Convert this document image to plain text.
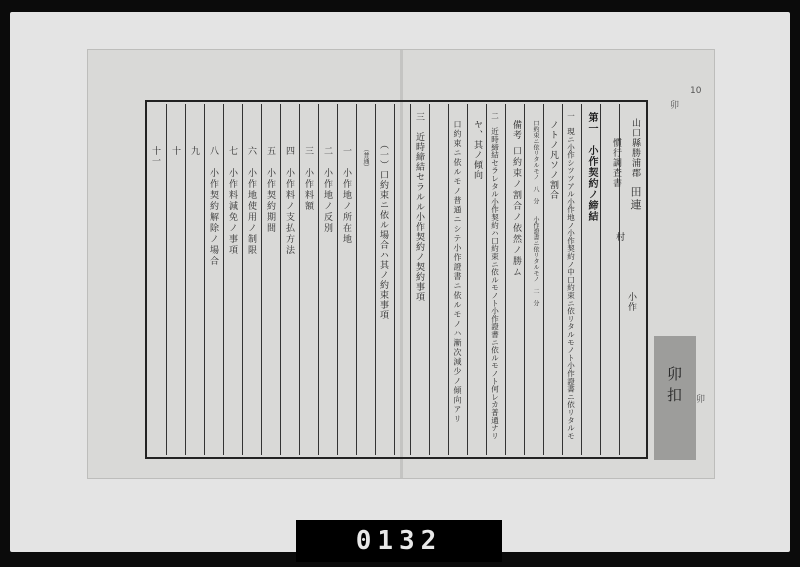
山口縣勝浦郡
田連
村
小作
慣行調査書
第一　小作契約ノ締結
一　現ニ小作シツツアル小作地ノ小作契約ノ中口約束ニ依リタルモノト小作證書ニ依リタルモ
ノトノ凡ソノ割合
口約束ニ依リタルモノ　八　分　　小作證書ニ依リタルモノ　二　分
備考
口約束ノ割合ノ依然ノ勝ム
二　近時締結セラレタル小作契約ハ口約束ニ依ルモノト小作證書ニ依ルモノト何レカ普通ナリ
ヤ、其ノ傾向
口約束ニ依ルモノ普通ニシテ小作證書ニ依ルモノハ漸次減少ノ傾向アリ
三　近時締結セラルル小作契約ノ契約事項
（一）口約束ニ依ル場合ハ其ノ約束事項
（普通）
一　小作地ノ所在地
二　小作地ノ反別
三　小作料額
四　小作料ノ支払方法
五　小作契約期間
六　小作地使用ノ制限
七　小作料減免ノ事項
八　小作契約解除ノ場合
九
十
十一
10
卯
卯
卯扣
0132
